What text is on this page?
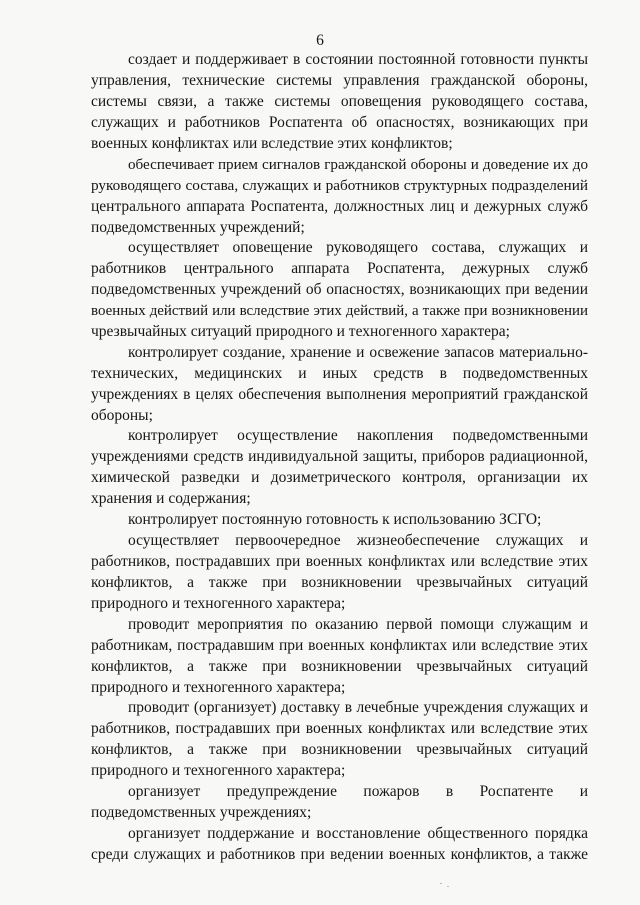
6
создает и поддерживает в состоянии постоянной готовности пункты
управления, технические системы управления гражданской обороны,
системы связи, а также системы оповещения руководящего состава,
служащих и работников Роспатента об опасностях, возникающих при
военных конфликтах или вследствие этих конфликтов;
обеспечивает прием сигналов гражданской обороны и доведение их до
руководящего состава, служащих и работников структурных подразделений
центрального аппарата Роспатента, должностных лиц и дежурных служб
подведомственных учреждений;
осуществляет оповещение руководящего состава, служащих и
работников центрального аппарата Роспатента, дежурных служб
подведомственных учреждений об опасностях, возникающих при ведении
военных действий или вследствие этих действий, а также при возникновении
чрезвычайных ситуаций природного и техногенного характера;
контролирует создание, хранение и освежение запасов материально-
технических, медицинских и иных средств в подведомственных
учреждениях в целях обеспечения выполнения мероприятий гражданской
обороны;
контролирует осуществление накопления подведомственными
учреждениями средств индивидуальной защиты, приборов радиационной,
химической разведки и дозиметрического контроля, организации их
хранения и содержания;
контролирует постоянную готовность к использованию ЗСГО;
осуществляет первоочередное жизнеобеспечение служащих и
работников, пострадавших при военных конфликтах или вследствие этих
конфликтов, а также при возникновении чрезвычайных ситуаций
природного и техногенного характера;
проводит мероприятия по оказанию первой помощи служащим и
работникам, пострадавшим при военных конфликтах или вследствие этих
конфликтов, а также при возникновении чрезвычайных ситуаций
природного и техногенного характера;
проводит (организует) доставку в лечебные учреждения служащих и
работников, пострадавших при военных конфликтах или вследствие этих
конфликтов, а также при возникновении чрезвычайных ситуаций
природного и техногенного характера;
организует предупреждение пожаров в Роспатенте и
подведомственных учреждениях;
организует поддержание и восстановление общественного порядка
среди служащих и работников при ведении военных конфликтов, а также
